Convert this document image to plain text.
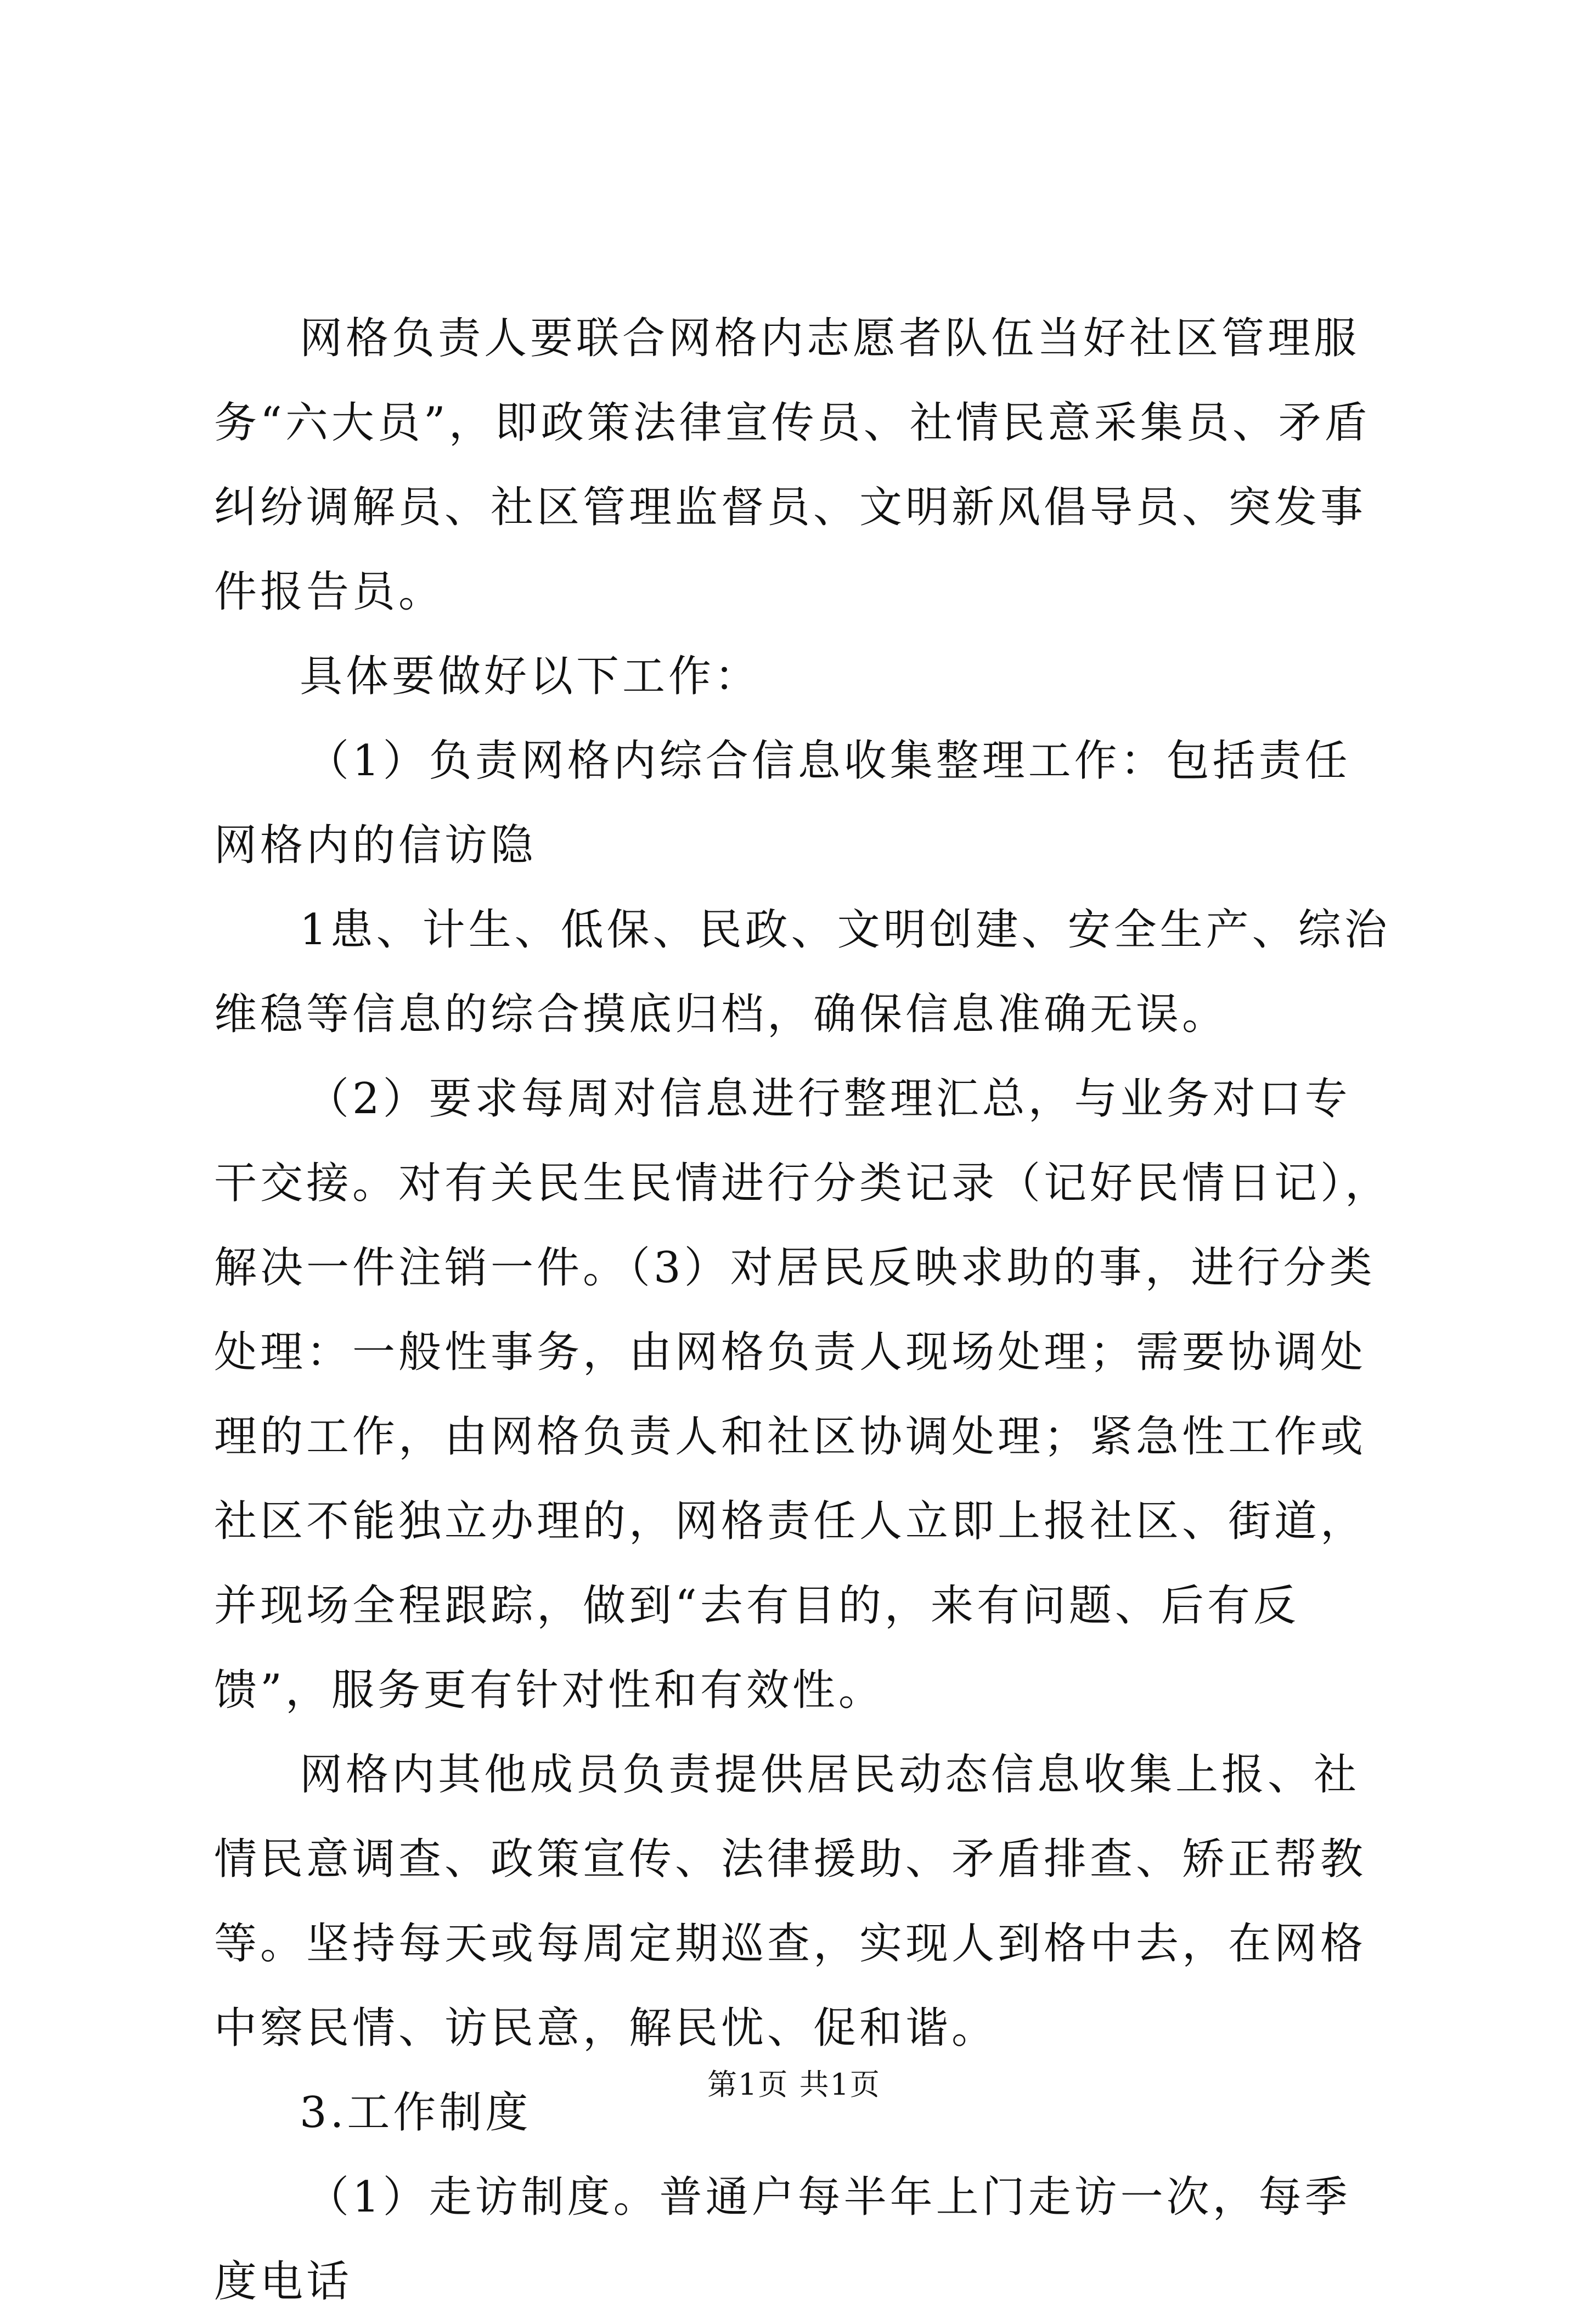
网格负责人要联合网格内志愿者队伍当好社区管理服务“六大员”，即政策法律宣传员、社情民意采集员、矛盾纠纷调解员、社区管理监督员、文明新风倡导员、突发事件报告员。

具体要做好以下工作：

（1）负责网格内综合信息收集整理工作：包括责任网格内的信访隐

1患、计生、低保、民政、文明创建、安全生产、综治维稳等信息的综合摸底归档，确保信息准确无误。

（2）要求每周对信息进行整理汇总，与业务对口专干交接。对有关民生民情进行分类记录（记好民情日记），解决一件注销一件。（3）对居民反映求助的事，进行分类处理：一般性事务，由网格负责人现场处理；需要协调处理的工作，由网格负责人和社区协调处理；紧急性工作或社区不能独立办理的，网格责任人立即上报社区、街道，并现场全程跟踪，做到“去有目的，来有问题、后有反馈”，服务更有针对性和有效性。

网格内其他成员负责提供居民动态信息收集上报、社情民意调查、政策宣传、法律援助、矛盾排查、矫正帮教等。坚持每天或每周定期巡查，实现人到格中去，在网格中察民情、访民意，解民忧、促和谐。

3.工作制度

（1）走访制度。普通户每半年上门走访一次，每季度电话

第1页 共1页
